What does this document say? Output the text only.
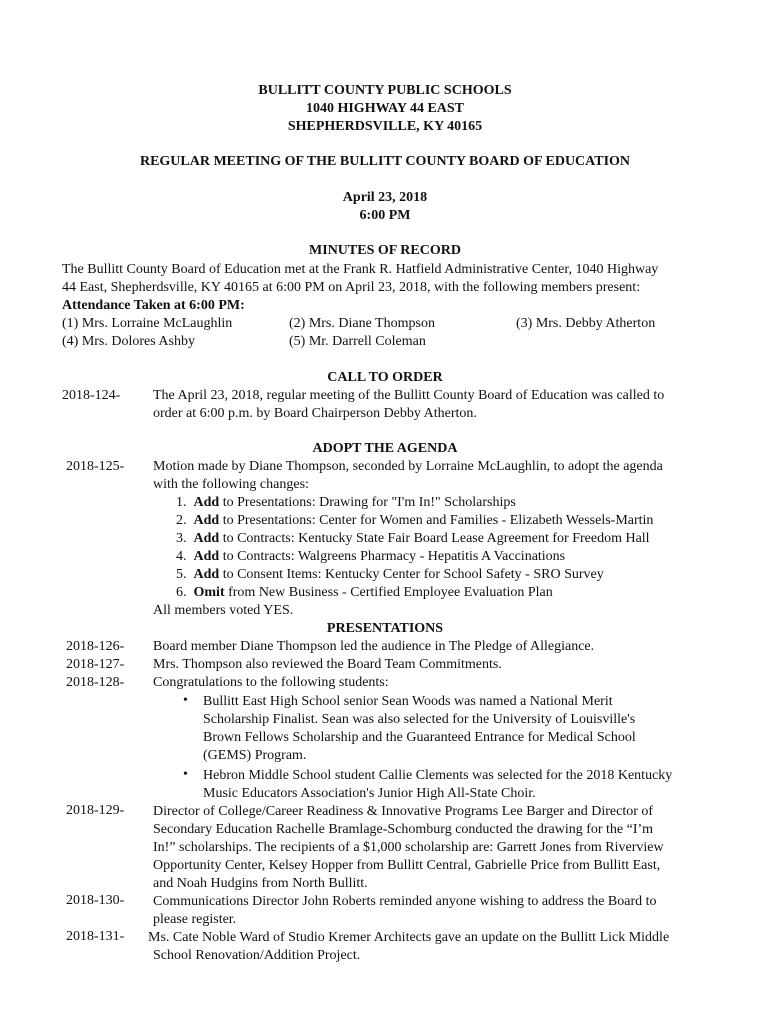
BULLITT COUNTY PUBLIC SCHOOLS
1040 HIGHWAY 44 EAST
SHEPHERDSVILLE, KY 40165
REGULAR MEETING OF THE BULLITT COUNTY BOARD OF EDUCATION
April 23, 2018
6:00 PM
MINUTES OF RECORD
The Bullitt County Board of Education met at the Frank R. Hatfield Administrative Center, 1040 Highway
44 East, Shepherdsville, KY 40165 at 6:00 PM on April 23, 2018, with the following members present:
Attendance Taken at 6:00 PM:
(1) Mrs. Lorraine McLaughlin	(2) Mrs. Diane Thompson	(3) Mrs. Debby Atherton
(4) Mrs. Dolores Ashby	(5) Mr. Darrell Coleman
CALL TO ORDER
2018-124- The April 23, 2018, regular meeting of the Bullitt County Board of Education was called to
order at 6:00 p.m. by Board Chairperson Debby Atherton.
ADOPT THE AGENDA
2018-125- Motion made by Diane Thompson, seconded by Lorraine McLaughlin, to adopt the agenda
with the following changes:
1. Add to Presentations: Drawing for "I'm In!" Scholarships
2. Add to Presentations: Center for Women and Families - Elizabeth Wessels-Martin
3. Add to Contracts: Kentucky State Fair Board Lease Agreement for Freedom Hall
4. Add to Contracts: Walgreens Pharmacy - Hepatitis A Vaccinations
5. Add to Consent Items: Kentucky Center for School Safety - SRO Survey
6. Omit from New Business - Certified Employee Evaluation Plan
All members voted YES.
PRESENTATIONS
2018-126- Board member Diane Thompson led the audience in The Pledge of Allegiance.
2018-127- Mrs. Thompson also reviewed the Board Team Commitments.
2018-128- Congratulations to the following students:
• Bullitt East High School senior Sean Woods was named a National Merit
Scholarship Finalist. Sean was also selected for the University of Louisville's
Brown Fellows Scholarship and the Guaranteed Entrance for Medical School
(GEMS) Program.
• Hebron Middle School student Callie Clements was selected for the 2018 Kentucky
Music Educators Association's Junior High All-State Choir.
2018-129- Director of College/Career Readiness & Innovative Programs Lee Barger and Director of
Secondary Education Rachelle Bramlage-Schomburg conducted the drawing for the “I’m
In!” scholarships. The recipients of a $1,000 scholarship are: Garrett Jones from Riverview
Opportunity Center, Kelsey Hopper from Bullitt Central, Gabrielle Price from Bullitt East,
and Noah Hudgins from North Bullitt.
2018-130- Communications Director John Roberts reminded anyone wishing to address the Board to
please register.
2018-131- Ms. Cate Noble Ward of Studio Kremer Architects gave an update on the Bullitt Lick Middle
School Renovation/Addition Project.
